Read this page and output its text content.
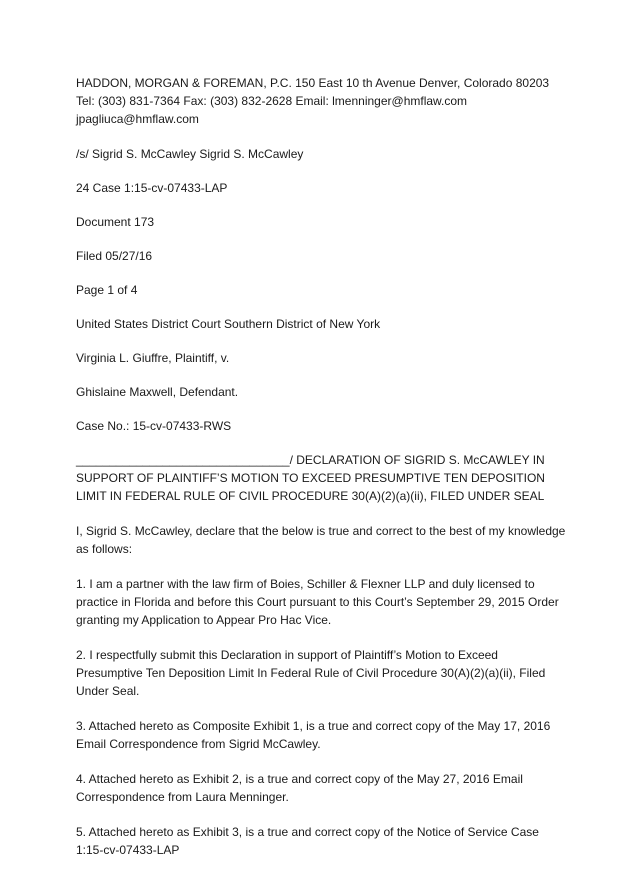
HADDON, MORGAN & FOREMAN, P.C. 150 East 10 th Avenue Denver, Colorado 80203 Tel: (303) 831-7364 Fax: (303) 832-2628 Email: lmenninger@hmflaw.com jpagliuca@hmflaw.com

/s/ Sigrid S. McCawley Sigrid S. McCawley

24 Case 1:15-cv-07433-LAP

Document 173

Filed 05/27/16

Page 1 of 4

United States District Court Southern District of New York

Virginia L. Giuffre, Plaintiff, v.

Ghislaine Maxwell, Defendant.

Case No.: 15-cv-07433-RWS

________________________________/ DECLARATION OF SIGRID S. McCAWLEY IN SUPPORT OF PLAINTIFF’S MOTION TO EXCEED PRESUMPTIVE TEN DEPOSITION LIMIT IN FEDERAL RULE OF CIVIL PROCEDURE 30(A)(2)(a)(ii), FILED UNDER SEAL

I, Sigrid S. McCawley, declare that the below is true and correct to the best of my knowledge as follows:

1. I am a partner with the law firm of Boies, Schiller & Flexner LLP and duly licensed to practice in Florida and before this Court pursuant to this Court’s September 29, 2015 Order granting my Application to Appear Pro Hac Vice.

2. I respectfully submit this Declaration in support of Plaintiff’s Motion to Exceed Presumptive Ten Deposition Limit In Federal Rule of Civil Procedure 30(A)(2)(a)(ii), Filed Under Seal.

3. Attached hereto as Composite Exhibit 1, is a true and correct copy of the May 17, 2016 Email Correspondence from Sigrid McCawley.

4. Attached hereto as Exhibit 2, is a true and correct copy of the May 27, 2016 Email Correspondence from Laura Menninger.

5. Attached hereto as Exhibit 3, is a true and correct copy of the Notice of Service Case 1:15-cv-07433-LAP
